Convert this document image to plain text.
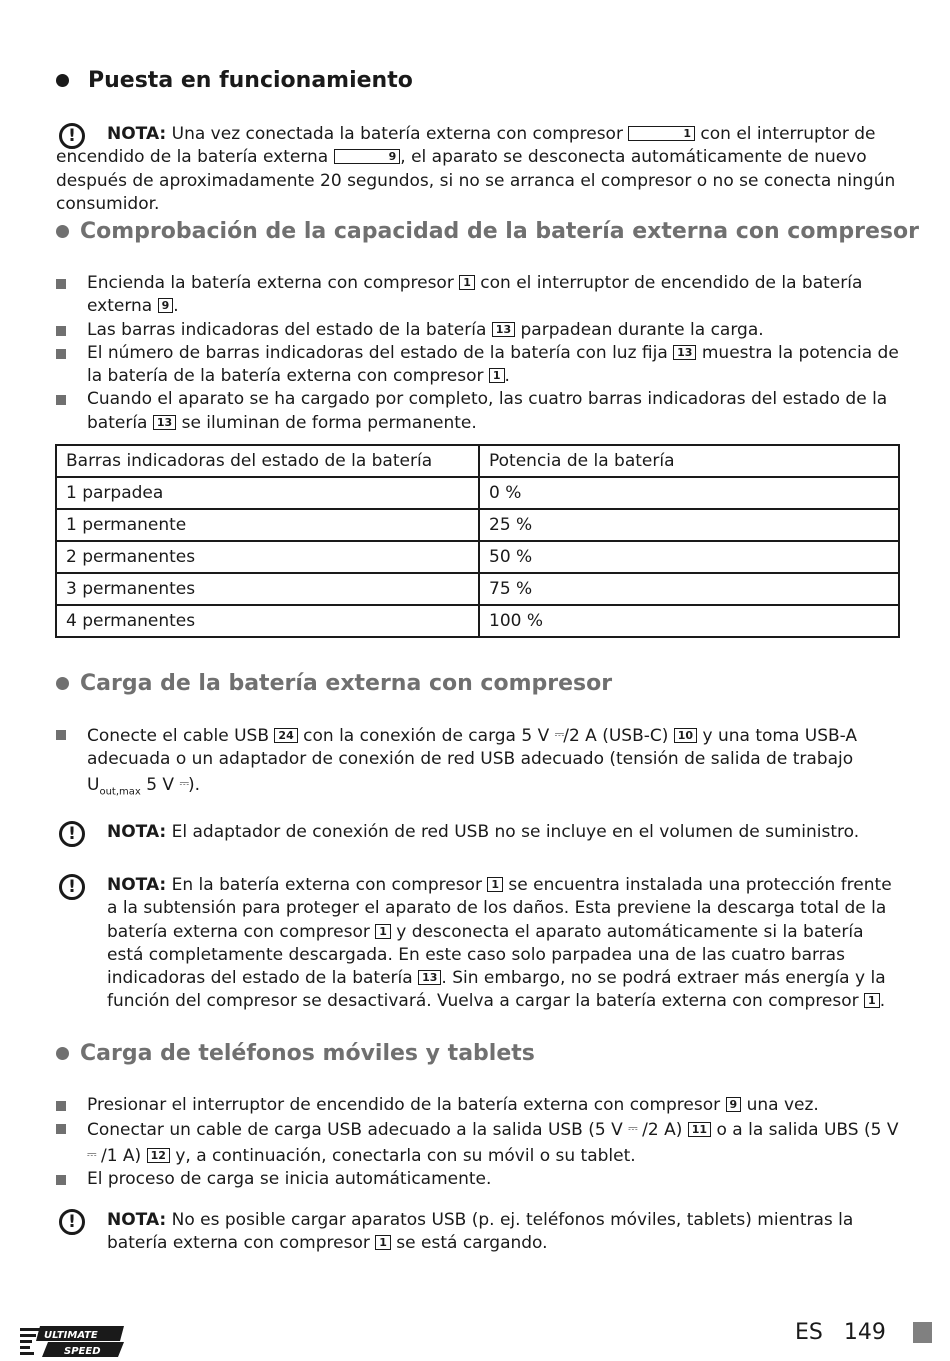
Puesta en funcionamiento
!	NOTA: Una vez conectada la batería externa con compresor	1 con el interruptor de encendido de la batería externa	9 , el aparato se desconecta automáticamente de nuevo después de aproximadamente 20 segundos, si no se arranca el compresor o no se conecta ningún consumidor.
Comprobación de la capacidad de la batería externa con compresor
Encienda la batería externa con compresor 1 con el interruptor de encendido de la batería externa 9 .
Las barras indicadoras del estado de la batería 13 parpadean durante la carga.
El número de barras indicadoras del estado de la batería con luz fija 13 muestra la potencia de la batería de la batería externa con compresor 1 .
Cuando el aparato se ha cargado por completo, las cuatro barras indicadoras del estado de la batería 13 se iluminan de forma permanente.
Barras indicadoras del estado de la batería	Potencia de la batería
1 parpadea	0 %
1 permanente	25 %
2 permanentes	50 %
3 permanentes	75 %
4 permanentes	100 %
Carga de la batería externa con compresor
Conecte el cable USB 24 con la conexión de carga 5 V ⎓/2 A (USB-C) 10 y una toma USB-A adecuada o un adaptador de conexión de red USB adecuado (tensión de salida de trabajo $U_{out,max}$ 5 V ⎓).
!	NOTA: El adaptador de conexión de red USB no se incluye en el volumen de suministro.
!	NOTA: En la batería externa con compresor 1 se encuentra instalada una protección frente a la subtensión para proteger el aparato de los daños. Esta previene la descarga total de la batería externa con compresor 1 y desconecta el aparato automáticamente si la batería está completamente descargada. En este caso solo parpadea una de las cuatro barras indicadoras del estado de la batería 13 . Sin embargo, no se podrá extraer más energía y la función del compresor se desactivará. Vuelva a cargar la batería externa con compresor 1 .
Carga de teléfonos móviles y tablets
Presionar el interruptor de encendido de la batería externa con compresor 9 una vez.
Conectar un cable de carga USB adecuado a la salida USB (5 V ⎓ /2 A) 11 o a la salida UBS (5 V ⎓ /1 A) 12 y, a continuación, conectarla con su móvil o su tablet.
El proceso de carga se inicia automáticamente.
!	NOTA: No es posible cargar aparatos USB (p. ej. teléfonos móviles, tablets) mientras la batería externa con compresor 1 se está cargando.
ULTIMATE
SPEED
ES 149
